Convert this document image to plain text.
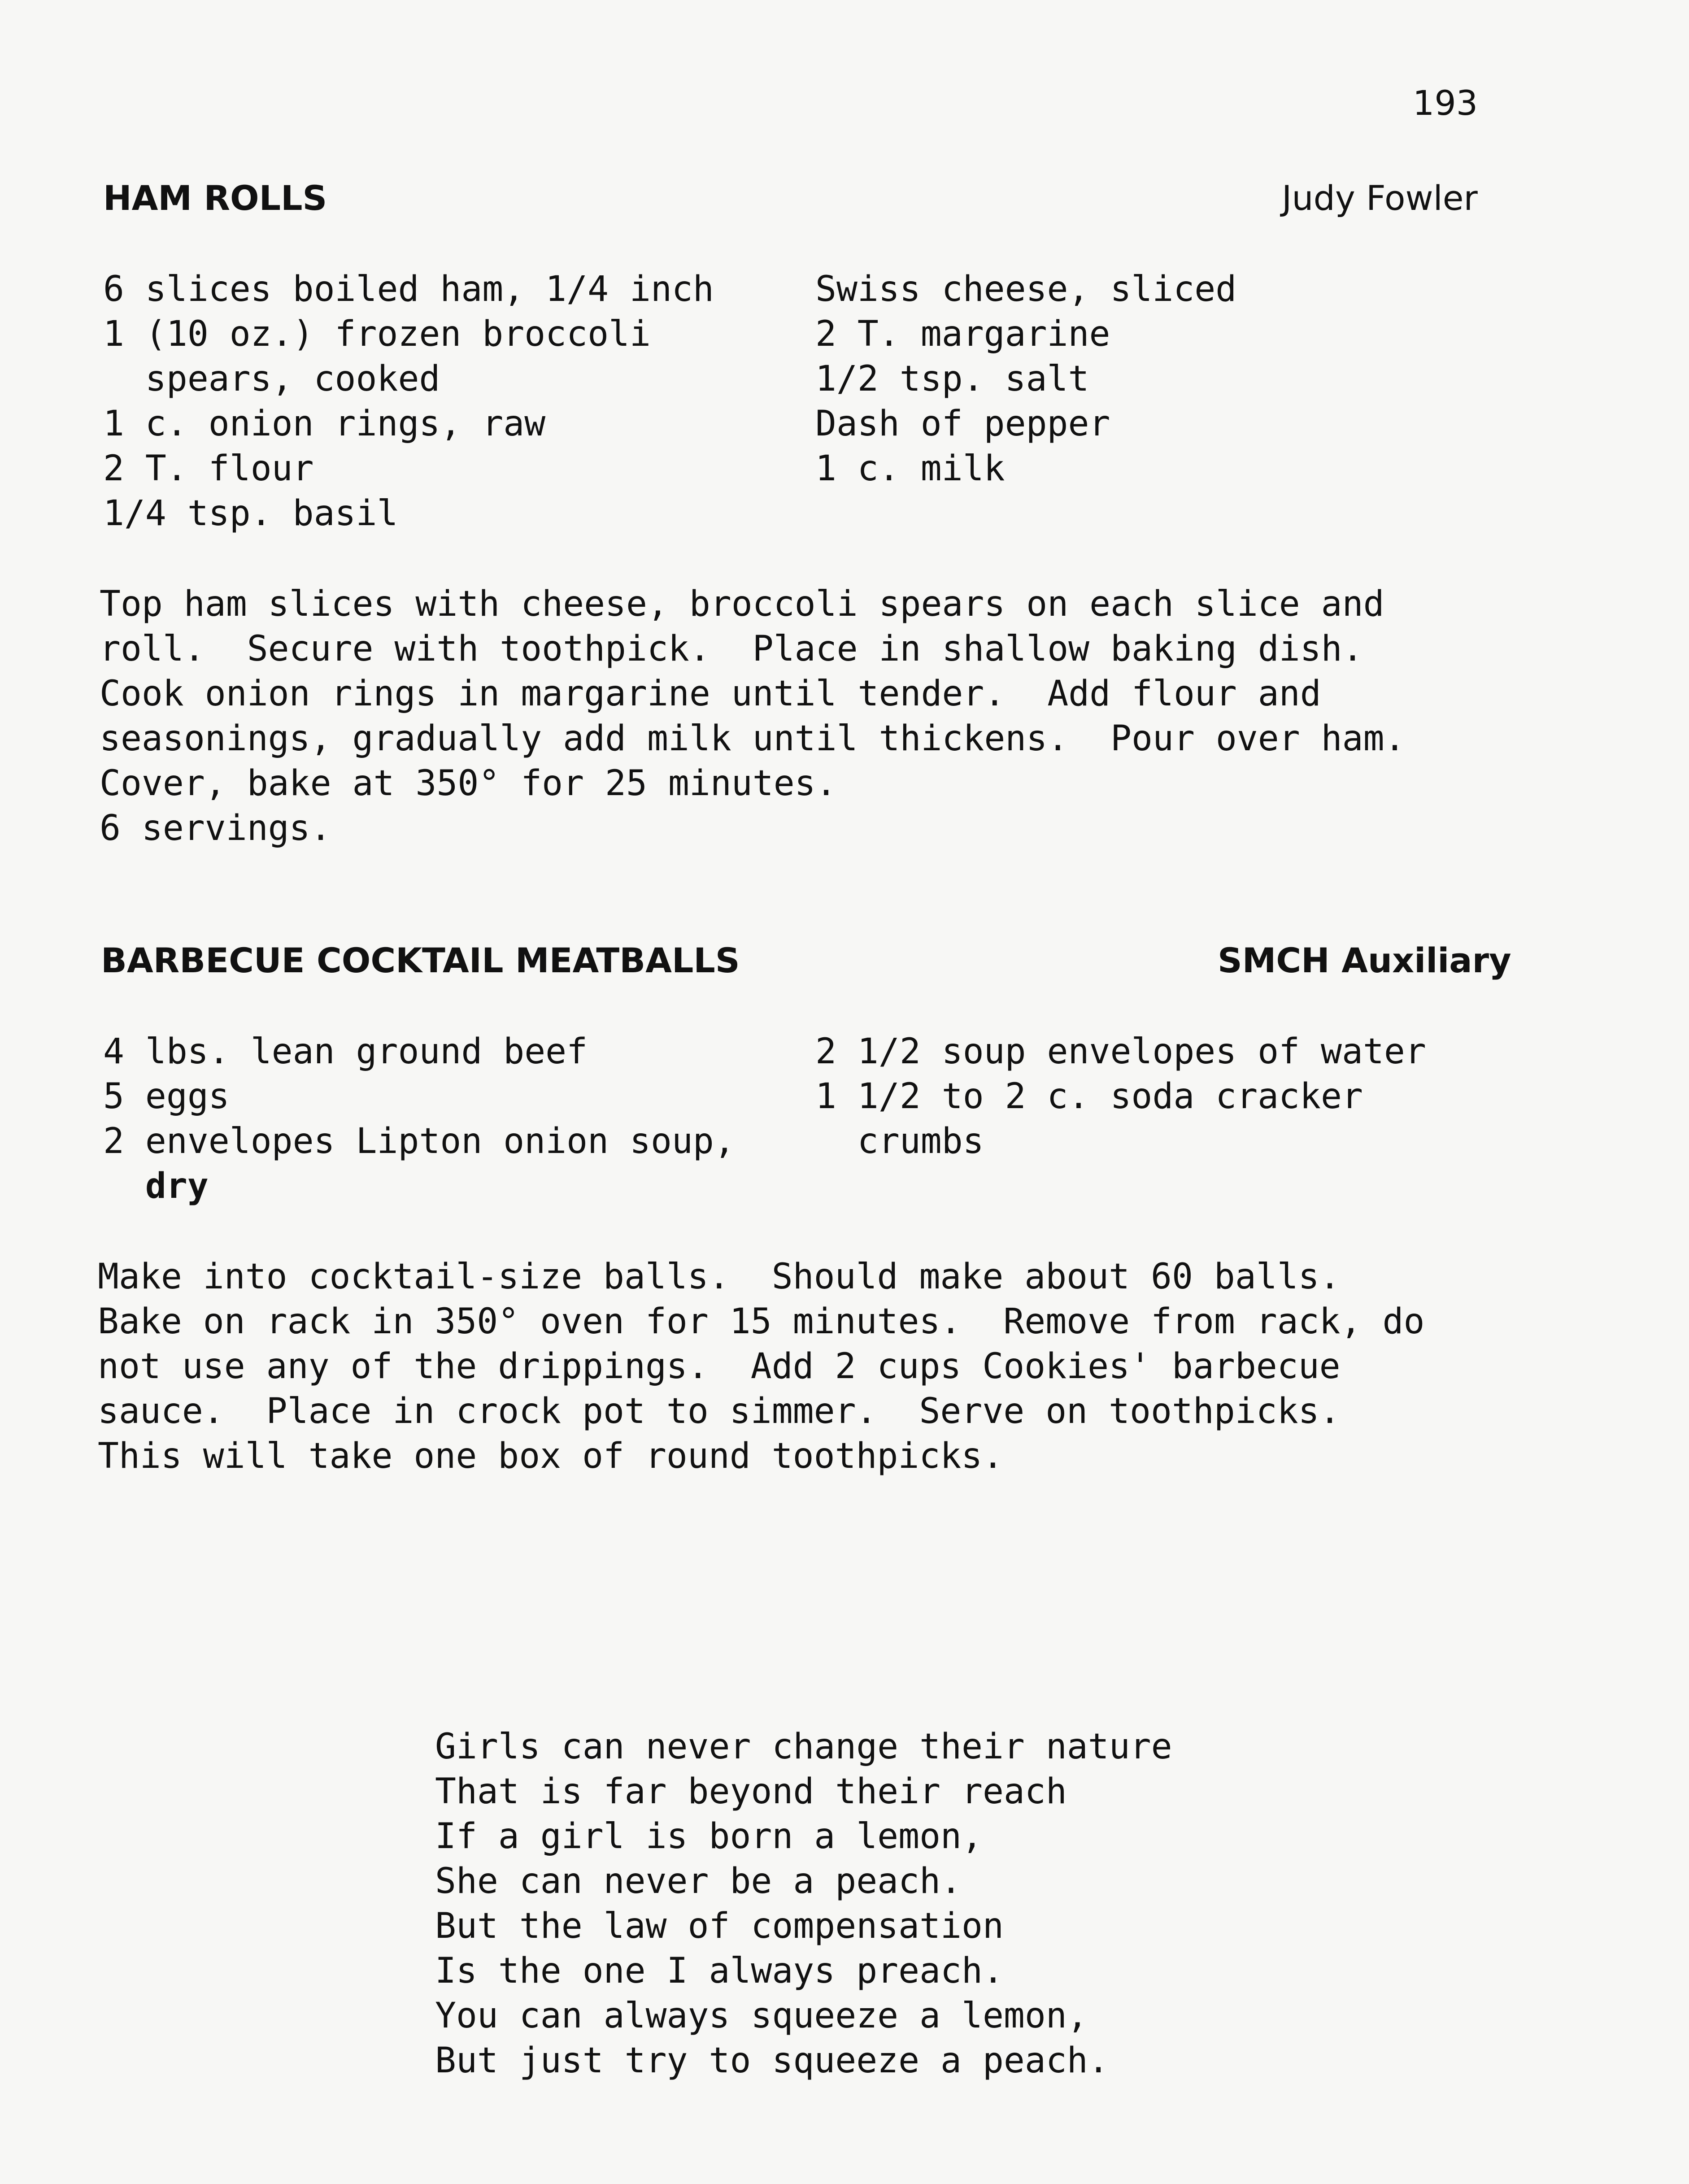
193
HAM ROLLS	Judy Fowler
6 slices boiled ham, 1/4 inch
1 (10 oz.) frozen broccoli
spears, cooked
1 c. onion rings, raw
2 T. flour
1/4 tsp. basil
Swiss cheese, sliced
2 T. margarine
1/2 tsp. salt
Dash of pepper
1 c. milk
Top ham slices with cheese, broccoli spears on each slice and
roll.  Secure with toothpick.  Place in shallow baking dish.
Cook onion rings in margarine until tender.  Add flour and
seasonings, gradually add milk until thickens.  Pour over ham.
Cover, bake at 350° for 25 minutes.
6 servings.
BARBECUE COCKTAIL MEATBALLS	SMCH Auxiliary
4 lbs. lean ground beef
5 eggs
2 envelopes Lipton onion soup,
dry
2 1/2 soup envelopes of water
1 1/2 to 2 c. soda cracker
crumbs
Make into cocktail-size balls.  Should make about 60 balls.
Bake on rack in 350° oven for 15 minutes.  Remove from rack, do
not use any of the drippings.  Add 2 cups Cookies' barbecue
sauce.  Place in crock pot to simmer.  Serve on toothpicks.
This will take one box of round toothpicks.
Girls can never change their nature
That is far beyond their reach
If a girl is born a lemon,
She can never be a peach.
But the law of compensation
Is the one I always preach.
You can always squeeze a lemon,
But just try to squeeze a peach.
